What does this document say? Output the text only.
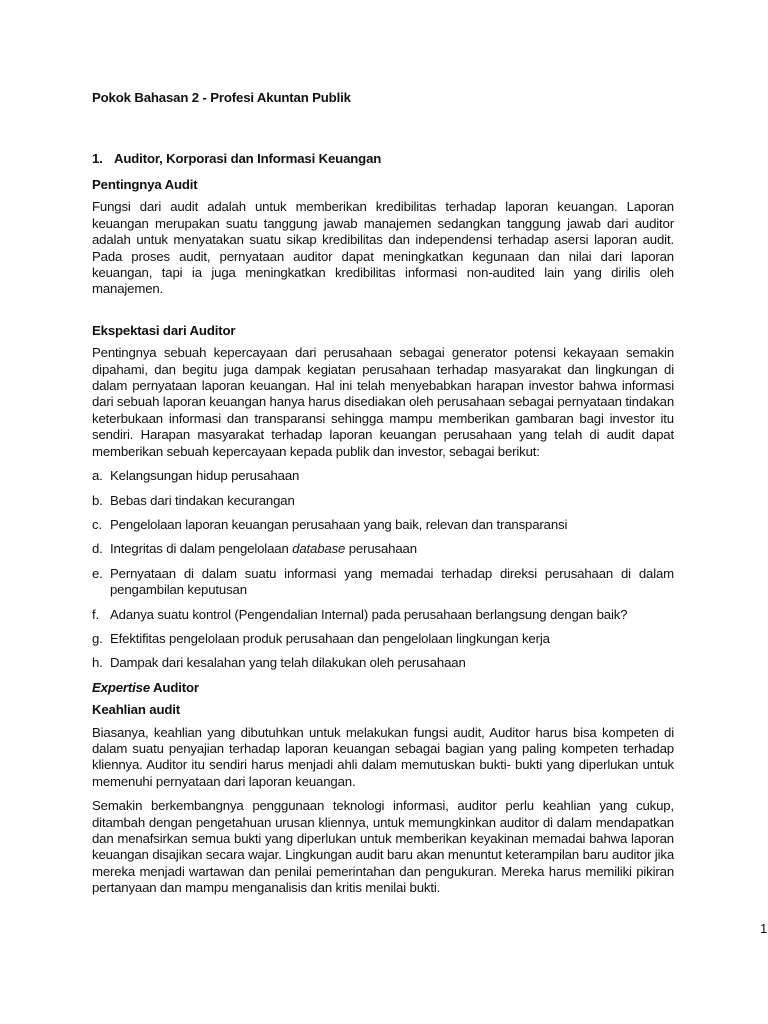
Pokok Bahasan 2 - Profesi Akuntan Publik
1. Auditor, Korporasi dan Informasi Keuangan
Pentingnya Audit

Fungsi dari audit adalah untuk memberikan kredibilitas terhadap laporan keuangan. Laporan keuangan merupakan suatu tanggung jawab manajemen sedangkan tanggung jawab dari auditor adalah untuk menyatakan suatu sikap kredibilitas dan independensi terhadap asersi laporan audit. Pada proses audit, pernyataan auditor dapat meningkatkan kegunaan dan nilai dari laporan keuangan, tapi ia juga meningkatkan kredibilitas informasi non-audited lain yang dirilis oleh manajemen.

Ekspektasi dari Auditor

Pentingnya sebuah kepercayaan dari perusahaan sebagai generator potensi kekayaan semakin dipahami, dan begitu juga dampak kegiatan perusahaan terhadap masyarakat dan lingkungan di dalam pernyataan laporan keuangan. Hal ini telah menyebabkan harapan investor bahwa informasi dari sebuah laporan keuangan hanya harus disediakan oleh perusahaan sebagai pernyataan tindakan keterbukaan informasi dan transparansi sehingga mampu memberikan gambaran bagi investor itu sendiri. Harapan masyarakat terhadap laporan keuangan perusahaan yang telah di audit dapat memberikan sebuah kepercayaan kepada publik dan investor, sebagai berikut:

a. Kelangsungan hidup perusahaan
b. Bebas dari tindakan kecurangan
c. Pengelolaan laporan keuangan perusahaan yang baik, relevan dan transparansi
d. Integritas di dalam pengelolaan database perusahaan
e. Pernyataan di dalam suatu informasi yang memadai terhadap direksi perusahaan di dalam pengambilan keputusan
f. Adanya suatu kontrol (Pengendalian Internal) pada perusahaan berlangsung dengan baik?
g. Efektifitas pengelolaan produk perusahaan dan pengelolaan lingkungan kerja
h. Dampak dari kesalahan yang telah dilakukan oleh perusahaan
Expertise Auditor
Keahlian audit

Biasanya, keahlian yang dibutuhkan untuk melakukan fungsi audit, Auditor harus bisa kompeten di dalam suatu penyajian terhadap laporan keuangan sebagai bagian yang paling kompeten terhadap kliennya. Auditor itu sendiri harus menjadi ahli dalam memutuskan bukti- bukti yang diperlukan untuk memenuhi pernyataan dari laporan keuangan.

Semakin berkembangnya penggunaan teknologi informasi, auditor perlu keahlian yang cukup, ditambah dengan pengetahuan urusan kliennya, untuk memungkinkan auditor di dalam mendapatkan dan menafsirkan semua bukti yang diperlukan untuk memberikan keyakinan memadai bahwa laporan keuangan disajikan secara wajar. Lingkungan audit baru akan menuntut keterampilan baru auditor jika mereka menjadi wartawan dan penilai pemerintahan dan pengukuran. Mereka harus memiliki pikiran pertanyaan dan mampu menganalisis dan kritis menilai bukti.

1
